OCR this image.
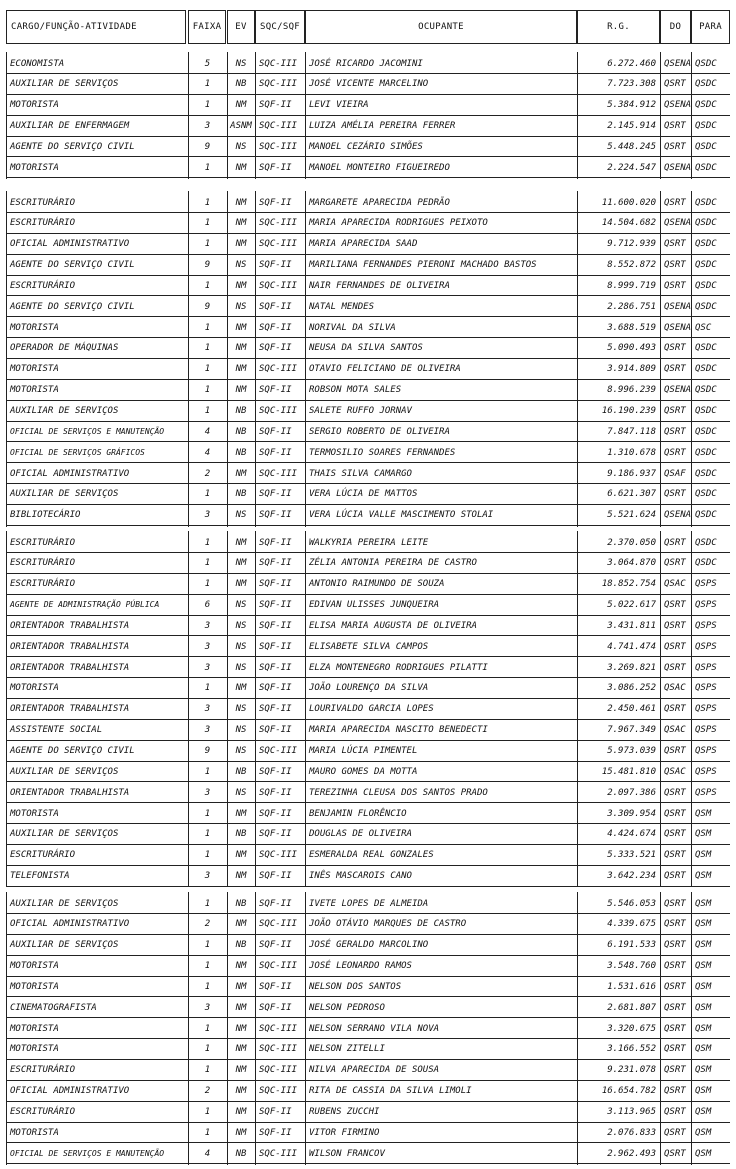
CARGO/FUNÇÃO-ATIVIDADE	FAIXA	EV	SQC/SQF	OCUPANTE	R.G.	DO	PARA
ECONOMISTA	5	NS	SQC-III	JOSÉ RICARDO JACOMINI	6.272.460 QSENA QSDC
AUXILIAR DE SERVIÇOS	1	NB	SQC-III	JOSÉ VICENTE MARCELINO	7.723.308 QSRT	QSDC
MOTORISTA	1	NM	SQF-II	LEVI VIEIRA	5.384.912 QSENA QSDC
AUXILIAR DE ENFERMAGEM	3	ASNM SQC-III	LUIZA AMÉLIA PEREIRA FERRER	2.145.914 QSRT	QSDC
AGENTE DO SERVIÇO CIVIL	9	NS	SQC-III	MANOEL CEZÁRIO SIMÕES	5.448.245 QSRT	QSDC
MOTORISTA	1	NM	SQF-II	MANOEL MONTEIRO FIGUEIREDO	2.224.547 QSENA QSDC
ESCRITURÁRIO	1	NM	SQF-II	MARGARETE APARECIDA PEDRÃO	11.600.020 QSRT	QSDC
ESCRITURÁRIO	1	NM	SQC-III	MARIA APARECIDA RODRIGUES PEIXOTO	14.504.682 QSENA QSDC
OFICIAL ADMINISTRATIVO	1	NM	SQC-III	MARIA APARECIDA SAAD	9.712.939 QSRT	QSDC
AGENTE DO SERVIÇO CIVIL	9	NS	SQF-II	MARILIANA FERNANDES PIERONI MACHADO BASTOS	8.552.872 QSRT	QSDC
ESCRITURÁRIO	1	NM	SQC-III	NAIR FERNANDES DE OLIVEIRA	8.999.719 QSRT	QSDC
AGENTE DO SERVIÇO CIVIL	9	NS	SQF-II	NATAL MENDES	2.286.751 QSENA QSDC
MOTORISTA	1	NM	SQF-II	NORIVAL DA SILVA	3.688.519 QSENA QSC
OPERADOR DE MÁQUINAS	1	NM	SQF-II	NEUSA DA SILVA SANTOS	5.090.493 QSRT	QSDC
MOTORISTA	1	NM	SQC-III	OTAVIO FELICIANO DE OLIVEIRA	3.914.809 QSRT	QSDC
MOTORISTA	1	NM	SQF-II	ROBSON MOTA SALES	8.996.239 QSENA QSDC
AUXILIAR DE SERVIÇOS	1	NB	SQC-III	SALETE RUFFO JORNAV	16.190.239 QSRT	QSDC
OFICIAL DE SERVIÇOS E MANUTENÇÃO	4	NB	SQF-II	SERGIO ROBERTO DE OLIVEIRA	7.847.118 QSRT	QSDC
OFICIAL DE SERVIÇOS GRÁFICOS	4	NB	SQF-II	TERMOSILIO SOARES FERNANDES	1.310.678 QSRT	QSDC
OFICIAL ADMINISTRATIVO	2	NM	SQC-III	THAIS SILVA CAMARGO	9.186.937 QSAF	QSDC
AUXILIAR DE SERVIÇOS	1	NB	SQF-II	VERA LÚCIA DE MATTOS	6.621.307 QSRT	QSDC
BIBLIOTECÁRIO	3	NS	SQF-II	VERA LÚCIA VALLE MASCIMENTO STOLAI	5.521.624 QSENA QSDC
ESCRITURÁRIO	1	NM	SQF-II	WALKYRIA PEREIRA LEITE	2.370.050 QSRT	QSDC
ESCRITURÁRIO	1	NM	SQF-II	ZÉLIA ANTONIA PEREIRA DE CASTRO	3.064.870 QSRT	QSDC
ESCRITURÁRIO	1	NM	SQF-II	ANTONIO RAIMUNDO DE SOUZA	18.852.754 QSAC	QSPS
AGENTE DE ADMINISTRAÇÃO PÚBLICA	6	NS	SQF-II	EDIVAN ULISSES JUNQUEIRA	5.022.617 QSRT	QSPS
ORIENTADOR TRABALHISTA	3	NS	SQF-II	ELISA MARIA AUGUSTA DE OLIVEIRA	3.431.811 QSRT	QSPS
ORIENTADOR TRABALHISTA	3	NS	SQF-II	ELISABETE SILVA CAMPOS	4.741.474 QSRT	QSPS
ORIENTADOR TRABALHISTA	3	NS	SQF-II	ELZA MONTENEGRO RODRIGUES PILATTI	3.269.821 QSRT	QSPS
MOTORISTA	1	NM	SQF-II	JOÃO LOURENÇO DA SILVA	3.086.252 QSAC	QSPS
ORIENTADOR TRABALHISTA	3	NS	SQF-II	LOURIVALDO GARCIA LOPES	2.450.461 QSRT	QSPS
ASSISTENTE SOCIAL	3	NS	SQF-II	MARIA APARECIDA NASCITO BENEDECTI	7.967.349 QSAC	QSPS
AGENTE DO SERVIÇO CIVIL	9	NS	SQC-III	MARIA LÚCIA PIMENTEL	5.973.039 QSRT	QSPS
AUXILIAR DE SERVIÇOS	1	NB	SQF-II	MAURO GOMES DA MOTTA	15.481.810 QSAC	QSPS
ORIENTADOR TRABALHISTA	3	NS	SQF-II	TEREZINHA CLEUSA DOS SANTOS PRADO	2.097.386 QSRT	QSPS
MOTORISTA	1	NM	SQF-II	BENJAMIN FLORÊNCIO	3.309.954 QSRT	QSM
AUXILIAR DE SERVIÇOS	1	NB	SQF-II	DOUGLAS DE OLIVEIRA	4.424.674 QSRT	QSM
ESCRITURÁRIO	1	NM	SQC-III	ESMERALDA REAL GONZALES	5.333.521 QSRT	QSM
TELEFONISTA	3	NM	SQF-II	INÊS MASCAROIS CANO	3.642.234 QSRT	QSM
AUXILIAR DE SERVIÇOS	1	NB	SQF-II	IVETE LOPES DE ALMEIDA	5.546.053 QSRT	QSM
OFICIAL ADMINISTRATIVO	2	NM	SQC-III	JOÃO OTÁVIO MARQUES DE CASTRO	4.339.675 QSRT	QSM
AUXILIAR DE SERVIÇOS	1	NB	SQF-II	JOSÉ GERALDO MARCOLINO	6.191.533 QSRT	QSM
MOTORISTA	1	NM	SQC-III	JOSÉ LEONARDO RAMOS	3.548.760 QSRT	QSM
MOTORISTA	1	NM	SQF-II	NELSON DOS SANTOS	1.531.616 QSRT	QSM
CINEMATOGRAFISTA	3	NM	SQF-II	NELSON PEDROSO	2.681.807 QSRT	QSM
MOTORISTA	1	NM	SQC-III	NELSON SERRANO VILA NOVA	3.320.675 QSRT	QSM
MOTORISTA	1	NM	SQC-III	NELSON ZITELLI	3.166.552 QSRT	QSM
ESCRITURÁRIO	1	NM	SQC-III	NILVA APARECIDA DE SOUSA	9.231.078 QSRT	QSM
OFICIAL ADMINISTRATIVO	2	NM	SQC-III	RITA DE CASSIA DA SILVA LIMOLI	16.654.782 QSRT	QSM
ESCRITURÁRIO	1	NM	SQF-II	RUBENS ZUCCHI	3.113.965 QSRT	QSM
MOTORISTA	1	NM	SQF-II	VITOR FIRMINO	2.076.833 QSRT	QSM
OFICIAL DE SERVIÇOS E MANUTENÇÃO	4	NB	SQC-III	WILSON FRANCOV	2.962.493 QSRT	QSM
